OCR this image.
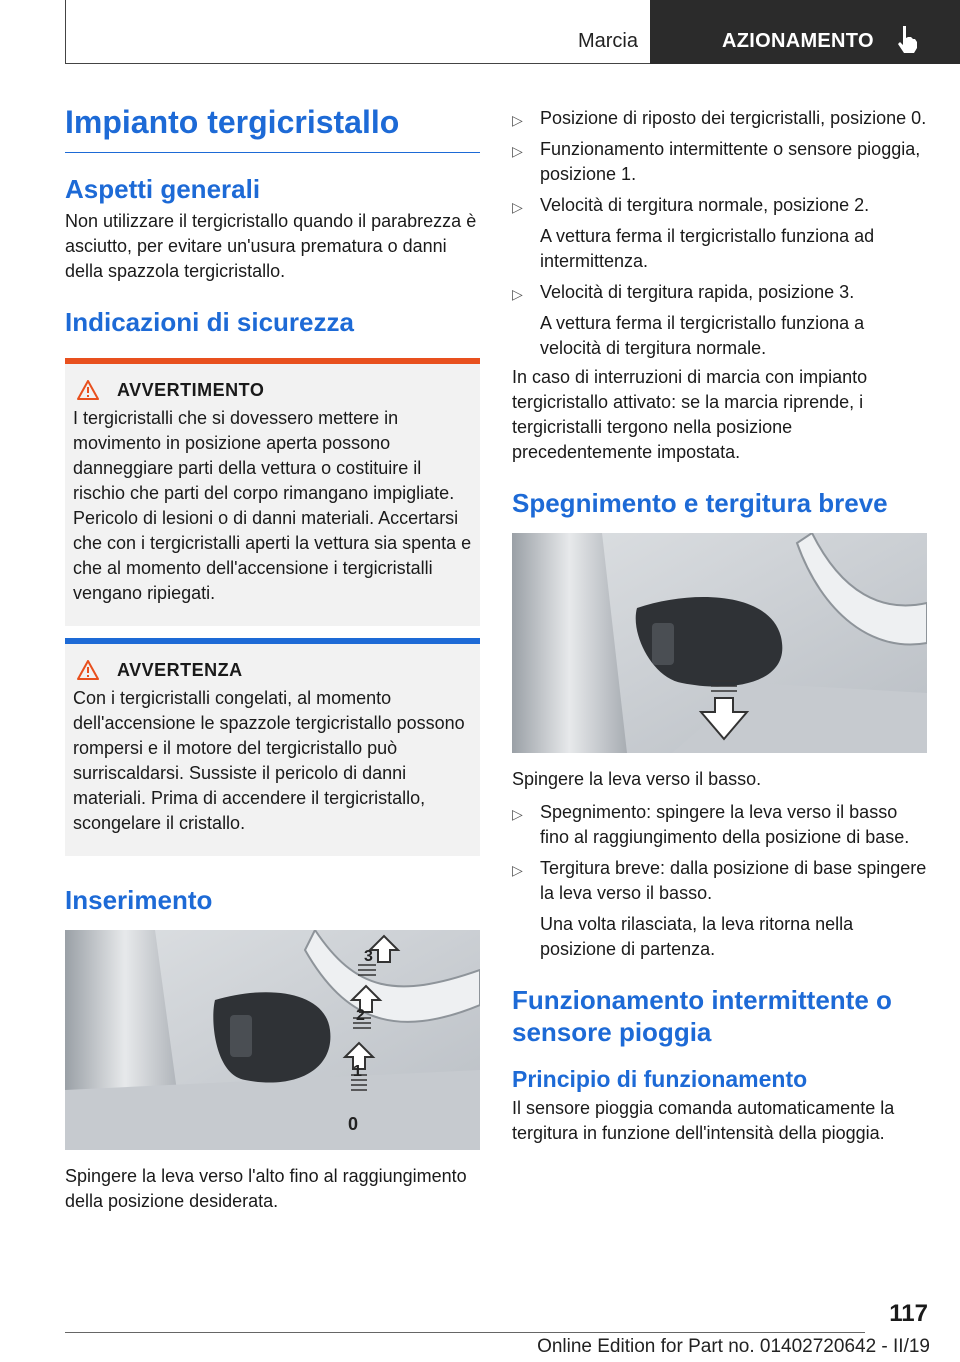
Marcia	AZIONAMENTO
Impianto tergicristallo
Aspetti generali

Non utilizzare il tergicristallo quando il parabrezza è asciutto, per evitare un'usura prematura o danni della spazzola tergicristallo.

Indicazioni di sicurezza
AVVERTIMENTO

I tergicristalli che si dovessero mettere in movimento in posizione aperta possono danneggiare parti della vettura o costituire il rischio che parti del corpo rimangano impigliate. Pericolo di lesioni o di danni materiali. Accertarsi che con i tergicristalli aperti la vettura sia spenta e che al momento dell'accensione i tergicristalli vengano ripiegati.

AVVERTENZA

Con i tergicristalli congelati, al momento dell'accensione le spazzole tergicristallo possono rompersi e il motore del tergicristallo può surriscaldarsi. Sussiste il pericolo di danni materiali. Prima di accendere il tergicristallo, scongelare il cristallo.

Inserimento
3
2
1
0

Spingere la leva verso l'alto fino al raggiungimento della posizione desiderata.

▷ Posizione di riposto dei tergicristalli, posizione 0.
▷ Funzionamento intermittente o sensore pioggia, posizione 1.
▷ Velocità di tergitura normale, posizione 2.
A vettura ferma il tergicristallo funziona ad intermittenza.
▷ Velocità di tergitura rapida, posizione 3.
A vettura ferma il tergicristallo funziona a velocità di tergitura normale.

In caso di interruzioni di marcia con impianto tergicristallo attivato: se la marcia riprende, i tergicristalli tergono nella posizione precedentemente impostata.

Spegnimento e tergitura breve

Spingere la leva verso il basso.

▷ Spegnimento: spingere la leva verso il basso fino al raggiungimento della posizione di base.
▷ Tergitura breve: dalla posizione di base spingere la leva verso il basso.
Una volta rilasciata, la leva ritorna nella posizione di partenza.
Funzionamento intermittente o sensore pioggia
Principio di funzionamento

Il sensore pioggia comanda automaticamente la tergitura in funzione dell'intensità della pioggia.

117
Online Edition for Part no. 01402720642 - II/19
